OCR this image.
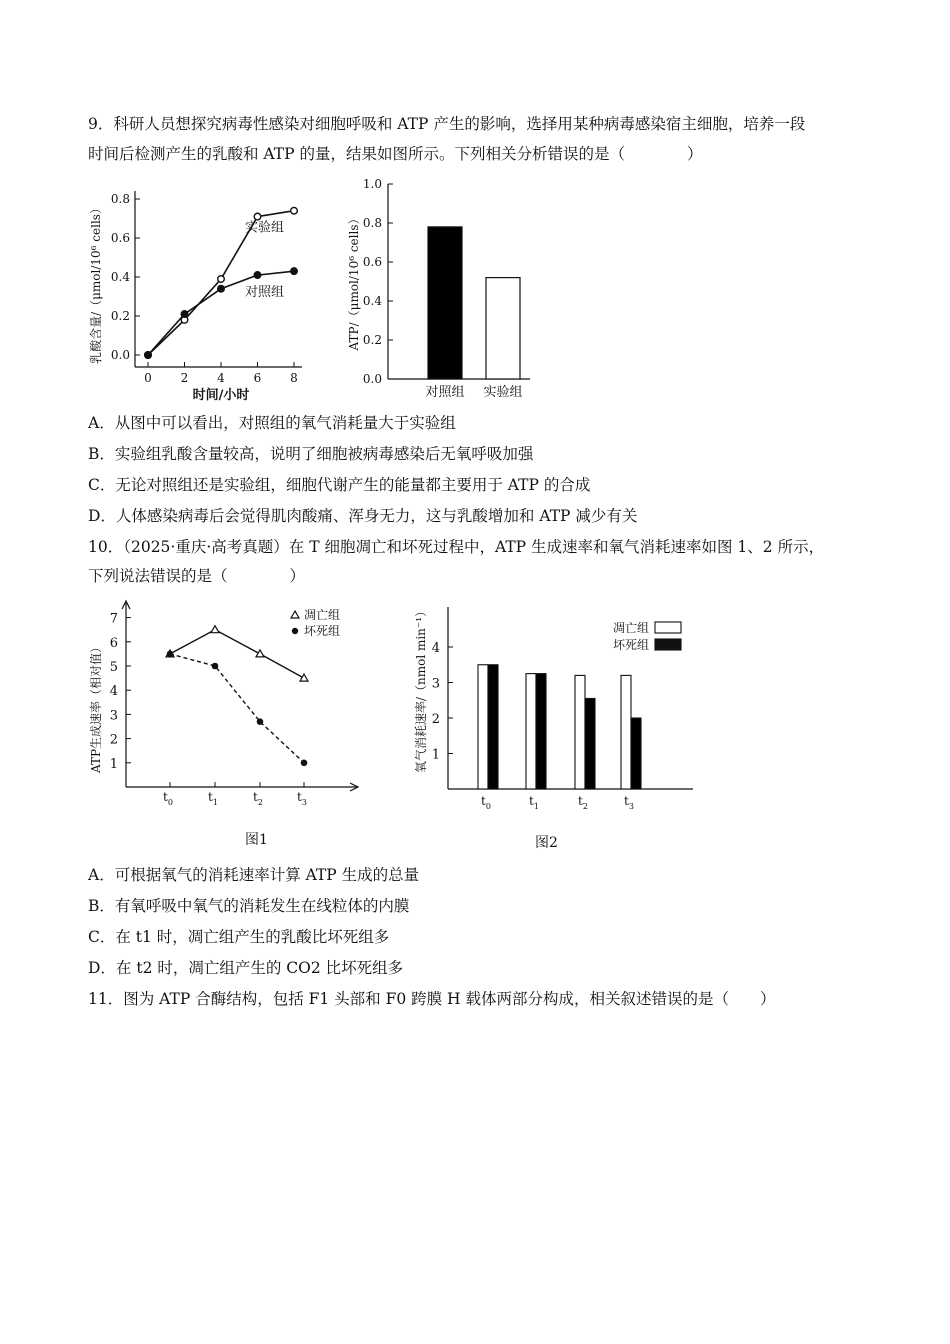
9．科研人员想探究病毒性感染对细胞呼吸和 ATP 产生的影响，选择用某种病毒感染宿主细胞，培养一段
时间后检测产生的乳酸和 ATP 的量，结果如图所示。下列相关分析错误的是（　　　　）
0.0
0.2
0.4
0.6
0.8
0 2 4 6 8
时间/小时
乳酸含量/（μmol/10⁶ cells）	实验组
对照组
0.0
0.2
0.4
0.6
0.8
1.0
对照组 实验组
ATP/（μmol/10⁶ cells）
A．从图中可以看出，对照组的氧气消耗量大于实验组
B．实验组乳酸含量较高，说明了细胞被病毒感染后无氧呼吸加强
C．无论对照组还是实验组，细胞代谢产生的能量都主要用于 ATP 的合成
D．人体感染病毒后会觉得肌肉酸痛、浑身无力，这与乳酸增加和 ATP 减少有关
10．（2025·重庆·高考真题）在 T 细胞凋亡和坏死过程中，ATP 生成速率和氧气消耗速率如图 1、2 所示，
下列说法错误的是（　　　　）
1
2
3
4
5
6
7
$t_0$	$t_1$	$t_2$	$t_3$
ATP生成速率（相对值）
凋亡组
坏死组
1
2
3
4
$t_0$	$t_1$	$t_2$	$t_3$
氧气消耗速率/（nmol min⁻¹）	凋亡组
坏死组
图1	图2
A．可根据氧气的消耗速率计算 ATP 生成的总量
B．有氧呼吸中氧气的消耗发生在线粒体的内膜
C．在 t1 时，凋亡组产生的乳酸比坏死组多
D．在 t2 时，凋亡组产生的 CO2 比坏死组多
11．图为 ATP 合酶结构，包括 F1 头部和 F0 跨膜 H 载体两部分构成，相关叙述错误的是（　　）
